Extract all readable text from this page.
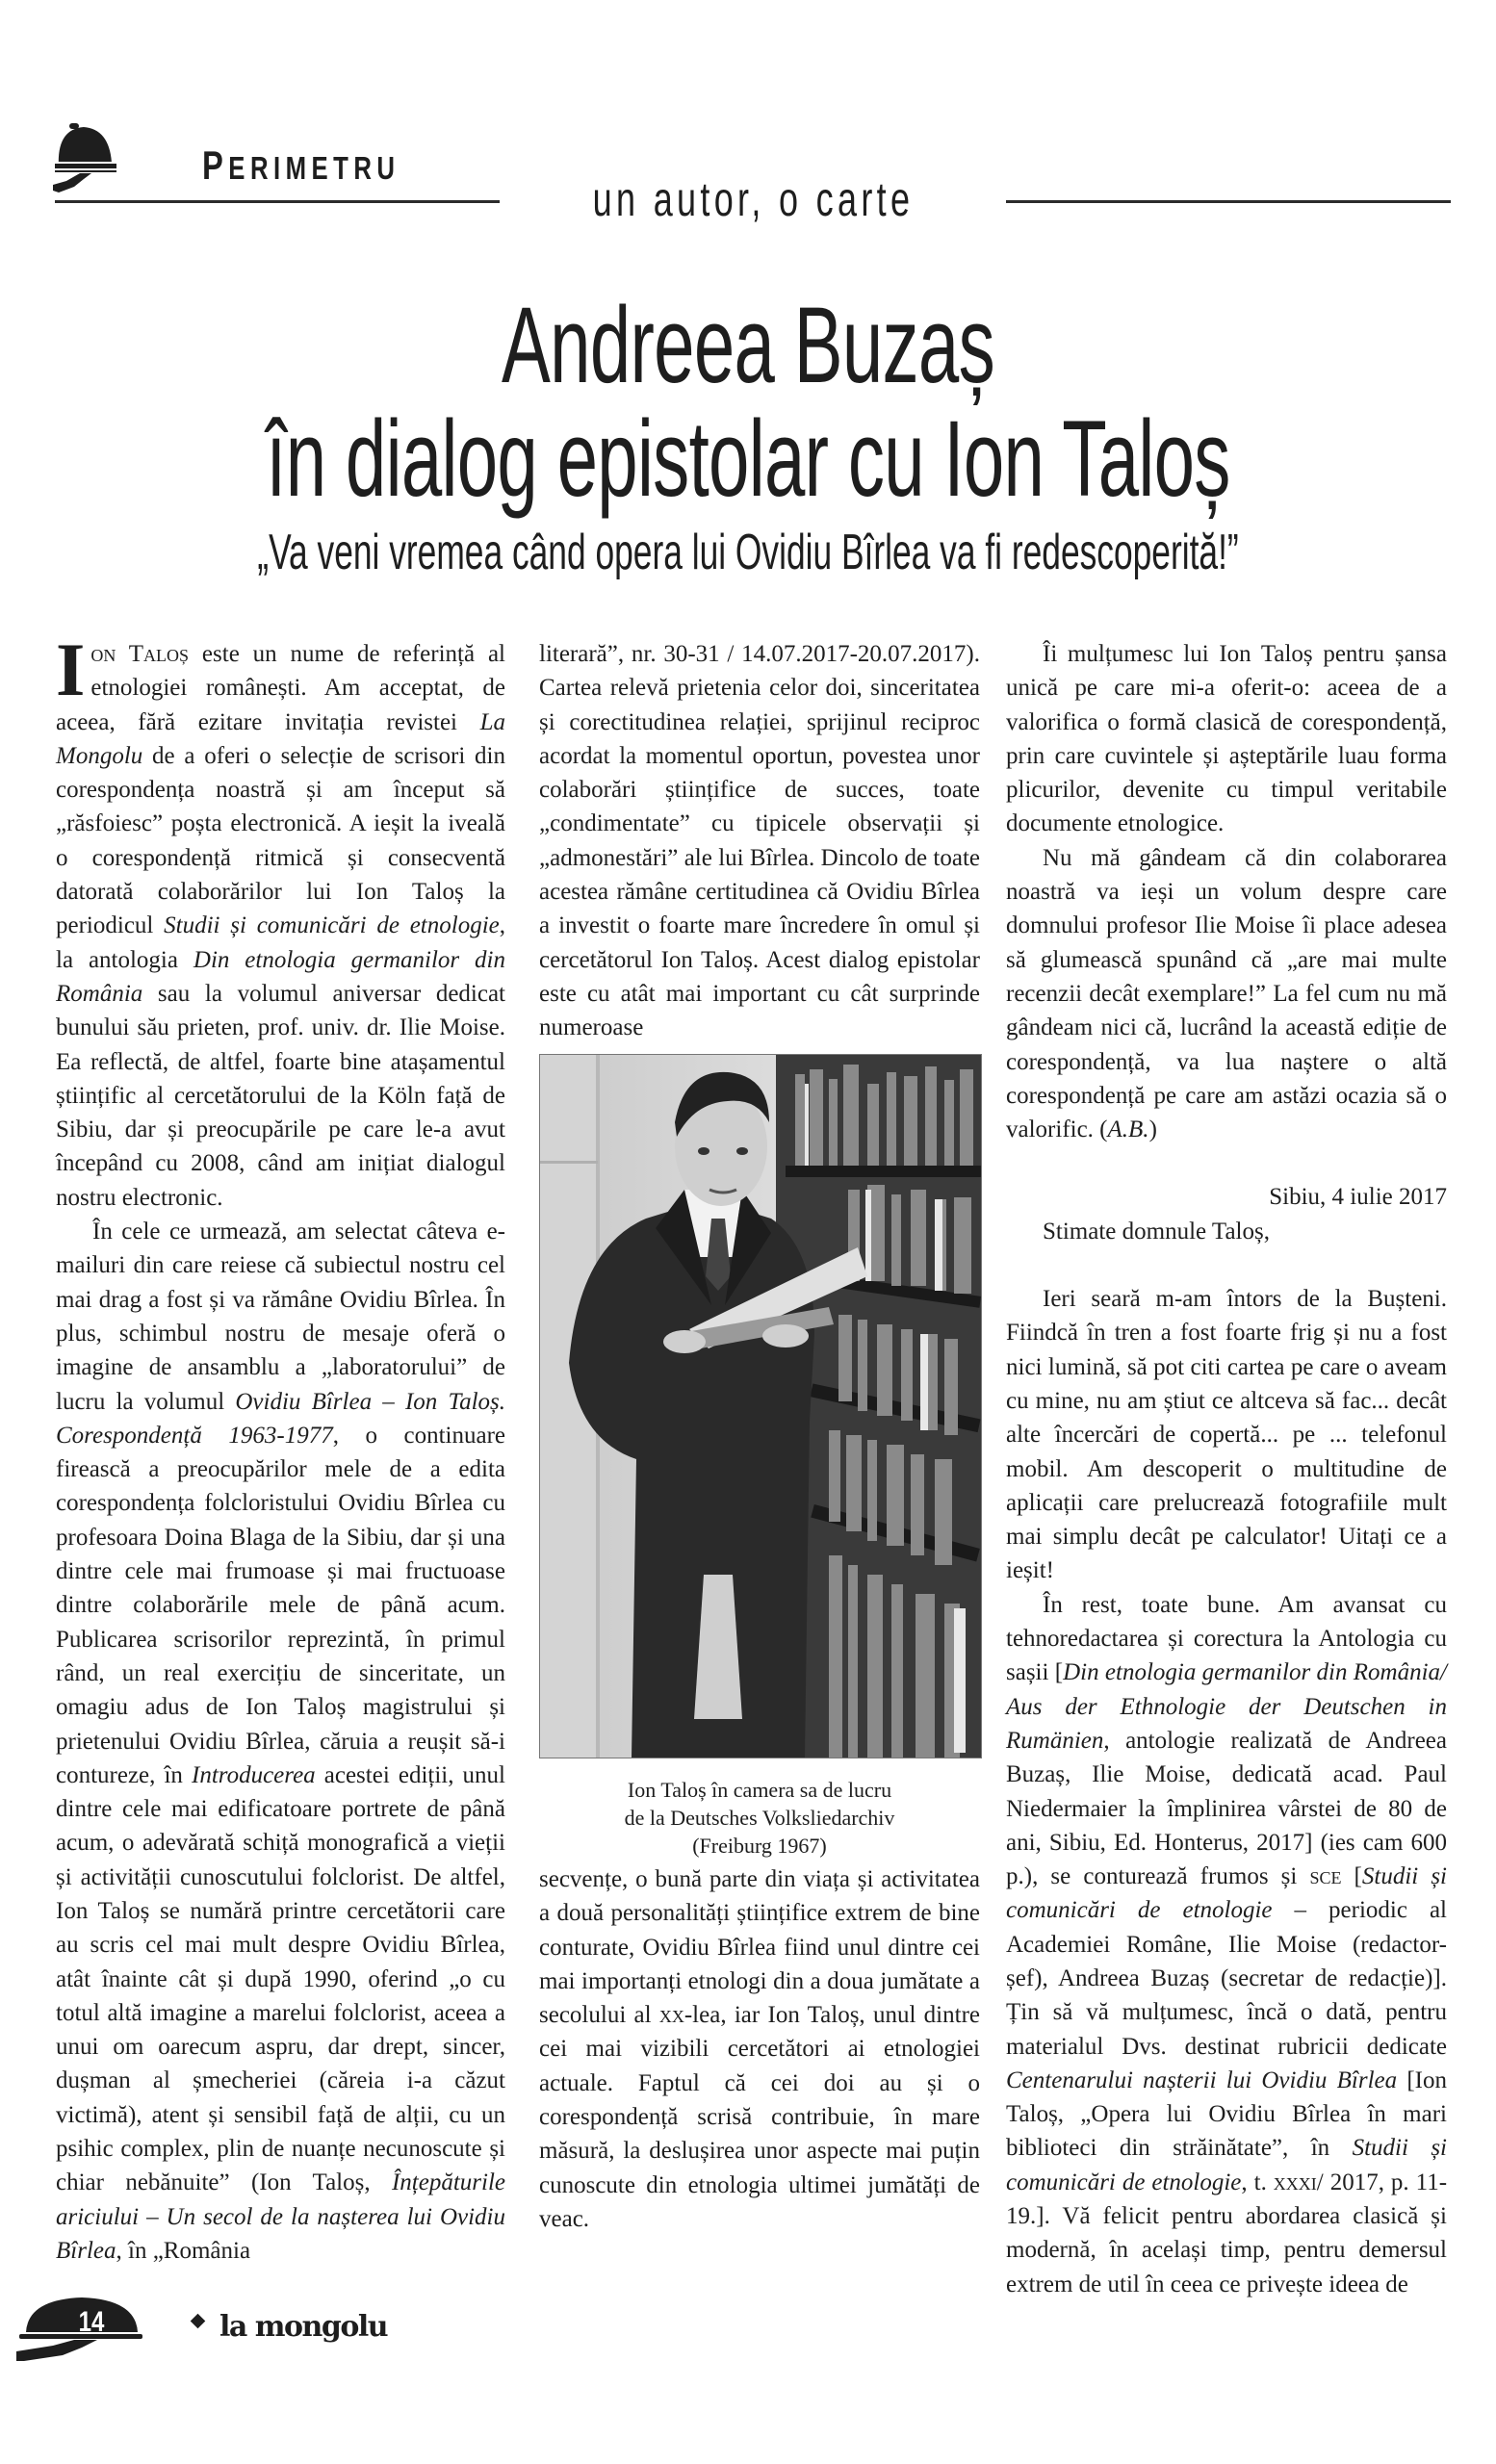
PERIMETRU
un autor, o carte
Andreea Buzaș
în dialog epistolar cu Ion Taloș
„Va veni vremea când opera lui Ovidiu Bîrlea va fi redescoperită!”

Ion Taloș este un nume de referință al etnologiei românești. Am acceptat, de aceea, fără ezitare invitația revistei La Mongolu de a oferi o selecție de scrisori din corespondența noastră și am început să „răsfoiesc” poșta electronică. A ieșit la iveală o corespondență ritmică și consecventă datorată colaborărilor lui Ion Taloș la periodicul Studii și comunicări de etnologie, la antologia Din etnologia germanilor din România sau la volumul aniversar dedicat bunului său prieten, prof. univ. dr. Ilie Moise. Ea reflectă, de altfel, foarte bine atașamentul științific al cercetătorului de la Köln față de Sibiu, dar și preocupările pe care le-a avut începând cu 2008, când am inițiat dialogul nostru electronic.

În cele ce urmează, am selectat câteva e-mailuri din care reiese că subiectul nostru cel mai drag a fost și va rămâne Ovidiu Bîrlea. În plus, schimbul nostru de mesaje oferă o imagine de ansamblu a „laboratorului” de lucru la volumul Ovidiu Bîrlea – Ion Taloș. Corespondență 1963-1977, o continuare firească a preocupărilor mele de a edita corespondența folcloristului Ovidiu Bîrlea cu profesoara Doina Blaga de la Sibiu, dar și una dintre cele mai frumoase și mai fructuoase dintre colaborările mele de până acum. Publicarea scrisorilor reprezintă, în primul rând, un real exercițiu de sinceritate, un omagiu adus de Ion Taloș magistrului și prietenului Ovidiu Bîrlea, căruia a reușit să-i contureze, în Introducerea acestei ediții, unul dintre cele mai edificatoare portrete de până acum, o adevărată schiță monografică a vieții și activității cunoscutului folclorist. De altfel, Ion Taloș se numără printre cercetătorii care au scris cel mai mult despre Ovidiu Bîrlea, atât înainte cât și după 1990, oferind „o cu totul altă imagine a marelui folclorist, aceea a unui om oarecum aspru, dar drept, sincer, dușman al șmecheriei (căreia i-a căzut victimă), atent și sensibil față de alții, cu un psihic complex, plin de nuanțe necunoscute și chiar nebănuite” (Ion Taloș, Înțepăturile ariciului – Un secol de la nașterea lui Ovidiu Bîrlea, în „România

literară”, nr. 30-31 / 14.07.2017-20.07.2017). Cartea relevă prietenia celor doi, sinceritatea și corectitudinea relației, sprijinul reciproc acordat la momentul oportun, povestea unor colaborări științifice de succes, toate „condimentate” cu tipicele observații și „admonestări” ale lui Bîrlea. Dincolo de toate acestea rămâne certitudinea că Ovidiu Bîrlea a investit o foarte mare încredere în omul și cercetătorul Ion Taloș. Acest dialog epistolar este cu atât mai important cu cât surprinde numeroase

Ion Taloș în camera sa de lucru
de la Deutsches Volksliedarchiv
(Freiburg 1967)

secvențe, o bună parte din viața și activitatea a două personalități științifice extrem de bine conturate, Ovidiu Bîrlea fiind unul dintre cei mai importanți etnologi din a doua jumătate a secolului al xx-lea, iar Ion Taloș, unul dintre cei mai vizibili cercetători ai etnologiei actuale. Faptul că cei doi au și o corespondență scrisă contribuie, în mare măsură, la deslușirea unor aspecte mai puțin cunoscute din etnologia ultimei jumătăți de veac.

Îi mulțumesc lui Ion Taloș pentru șansa unică pe care mi-a oferit-o: aceea de a valorifica o formă clasică de corespondență, prin care cuvintele și așteptările luau forma plicurilor, devenite cu timpul veritabile documente etnologice.

Nu mă gândeam că din colaborarea noastră va ieși un volum despre care domnului profesor Ilie Moise îi place adesea să glumească spunând că „are mai multe recenzii decât exemplare!” La fel cum nu mă gândeam nici că, lucrând la această ediție de corespondență, va lua naștere o altă corespondență pe care am astăzi ocazia să o valorific. (A.B.)

Sibiu, 4 iulie 2017

Stimate domnule Taloș,

Ieri seară m-am întors de la Bușteni. Fiindcă în tren a fost foarte frig și nu a fost nici lumină, să pot citi cartea pe care o aveam cu mine, nu am știut ce altceva să fac... decât alte încercări de copertă... pe ... telefonul mobil. Am descoperit o multitudine de aplicații care prelucrează fotografiile mult mai simplu decât pe calculator! Uitați ce a ieșit!

În rest, toate bune. Am avansat cu tehnoredactarea și corectura la Antologia cu sașii [Din etnologia germanilor din România/ Aus der Ethnologie der Deutschen in Rumänien, antologie realizată de Andreea Buzaș, Ilie Moise, dedicată acad. Paul Niedermaier la împlinirea vârstei de 80 de ani, Sibiu, Ed. Honterus, 2017] (ies cam 600 p.), se conturează frumos și sce [Studii și comunicări de etnologie – periodic al Academiei Române, Ilie Moise (redactor-șef), Andreea Buzaș (secretar de redacție)]. Țin să vă mulțumesc, încă o dată, pentru materialul Dvs. destinat rubricii dedicate Centenarului nașterii lui Ovidiu Bîrlea [Ion Taloș, „Opera lui Ovidiu Bîrlea în mari biblioteci din străinătate”, în Studii și comunicări de etnologie, t. xxxi/ 2017, p. 11-19.]. Vă felicit pentru abordarea clasică și modernă, în același timp, pentru demersul extrem de util în ceea ce privește ideea de

14	la mongolu
